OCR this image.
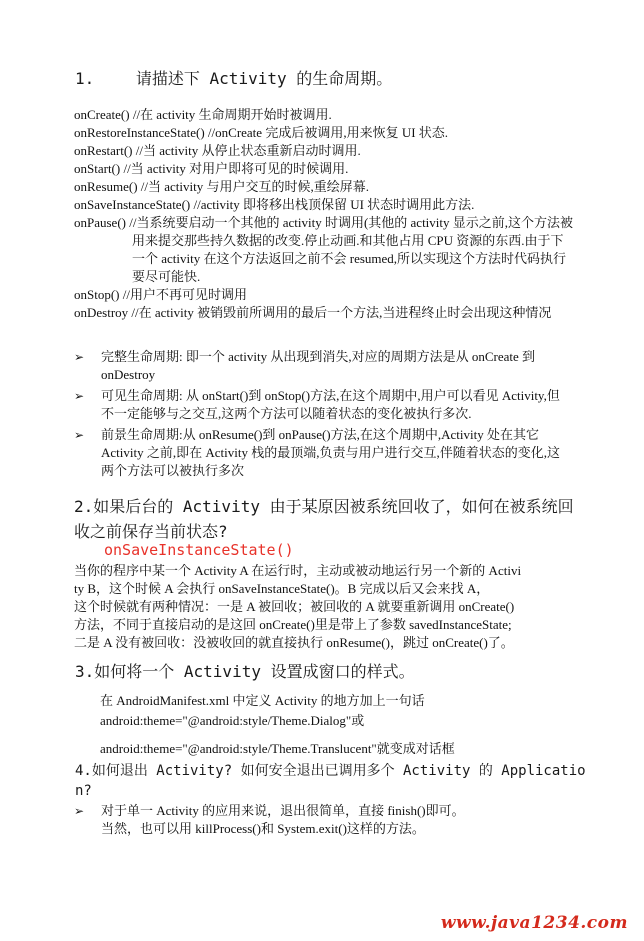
1.	请描述下 Activity 的生命周期。

onCreate() //在 activity 生命周期开始时被调用.

onRestoreInstanceState() //onCreate 完成后被调用,用来恢复 UI 状态.

onRestart() //当 activity 从停止状态重新启动时调用.

onStart() //当 activity 对用户即将可见的时候调用.

onResume() //当 activity 与用户交互的时候,重绘屏幕.

onSaveInstanceState() //activity 即将移出栈顶保留 UI 状态时调用此方法.

onPause() //当系统要启动一个其他的 activity 时调用(其他的 activity 显示之前,这个方法被用来提交那些持久数据的改变.停止动画.和其他占用 CPU 资源的东西.由于下一个 activity 在这个方法返回之前不会 resumed,所以实现这个方法时代码执行要尽可能快.

onStop() //用户不再可见时调用

onDestroy //在 activity 被销毁前所调用的最后一个方法,当进程终止时会出现这种情况

➢	完整生命周期: 即一个 activity 从出现到消失,对应的周期方法是从 onCreate 到 onDestroy
➢	可见生命周期: 从 onStart()到 onStop()方法,在这个周期中,用户可以看见 Activity,但不一定能够与之交互,这两个方法可以随着状态的变化被执行多次.
➢	前景生命周期:从 onResume()到 onPause()方法,在这个周期中,Activity 处在其它 Activity 之前,即在 Activity 栈的最顶端,负责与用户进行交互,伴随着状态的变化,这两个方法可以被执行多次
2.如果后台的 Activity 由于某原因被系统回收了，如何在被系统回收之前保存当前状态?
onSaveInstanceState()

当你的程序中某一个 Activity A 在运行时，主动或被动地运行另一个新的 Activi

ty B，这个时候 A 会执行 onSaveInstanceState()。B 完成以后又会来找 A，

这个时候就有两种情况：一是 A 被回收；被回收的 A 就要重新调用 onCreate()

方法，不同于直接启动的是这回 onCreate()里是带上了参数 savedInstanceState;

二是 A 没有被回收：没被收回的就直接执行 onResume()，跳过 onCreate()了。

3.如何将一个 Activity 设置成窗口的样式。

在 AndroidManifest.xml 中定义 Activity 的地方加上一句话

android:theme="@android:style/Theme.Dialog"或

android:theme="@android:style/Theme.Translucent"就变成对话框

4.如何退出 Activity? 如何安全退出已调用多个 Activity 的 Applicatio
n?
➢	对于单一 Activity 的应用来说，退出很简单，直接 finish()即可。
当然，也可以用 killProcess()和 System.exit()这样的方法。
www.java1234.com
